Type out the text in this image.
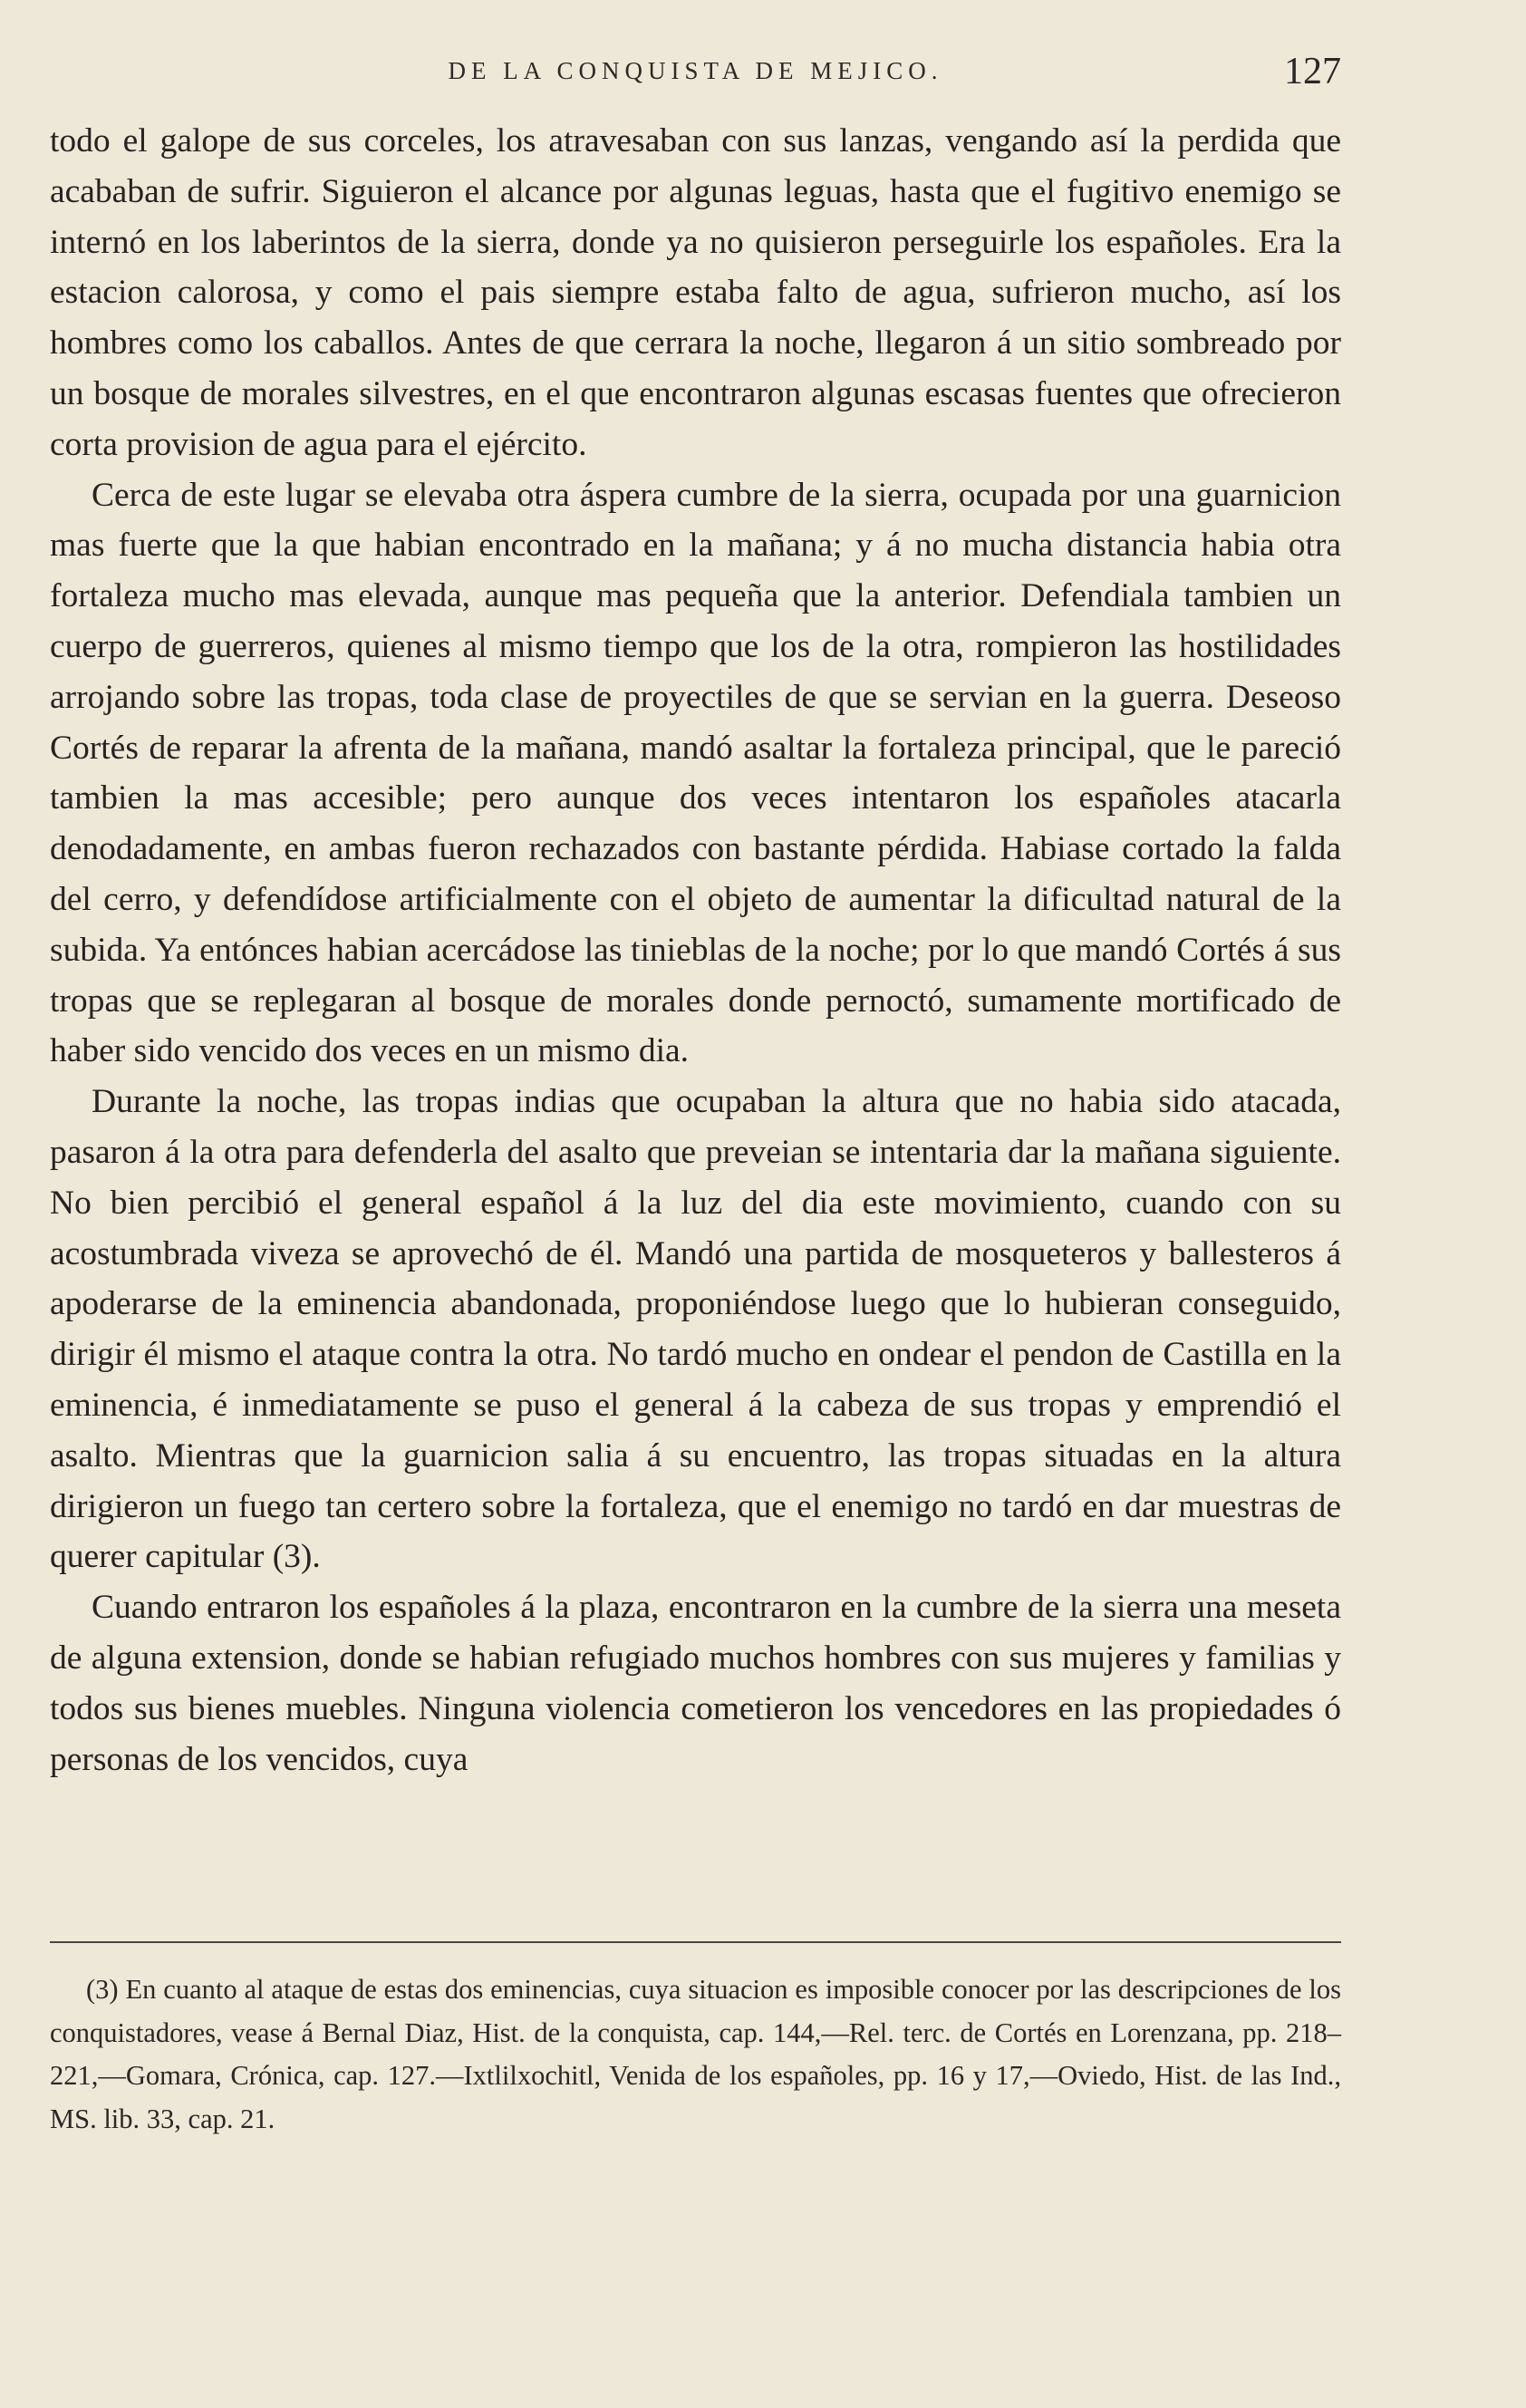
DE LA CONQUISTA DE MEJICO.	127

todo el galope de sus corceles, los atravesaban con sus lanzas, vengando así la perdida que acababan de sufrir. Siguieron el alcance por algunas leguas, hasta que el fugitivo enemigo se internó en los laberintos de la sierra, donde ya no quisieron perseguirle los españoles. Era la estacion calorosa, y como el pais siempre estaba falto de agua, sufrieron mucho, así los hombres como los caballos. Antes de que cerrara la noche, llegaron á un sitio sombreado por un bosque de morales silvestres, en el que encontraron algunas escasas fuentes que ofrecieron corta provision de agua para el ejército.

Cerca de este lugar se elevaba otra áspera cumbre de la sierra, ocupada por una guarnicion mas fuerte que la que habian encontrado en la mañana; y á no mucha distancia habia otra fortaleza mucho mas elevada, aunque mas pequeña que la anterior. Defendiala tambien un cuerpo de guerreros, quienes al mismo tiempo que los de la otra, rompieron las hostilidades arrojando sobre las tropas, toda clase de proyectiles de que se servian en la guerra. Deseoso Cortés de reparar la afrenta de la mañana, mandó asaltar la fortaleza principal, que le pareció tambien la mas accesible; pero aunque dos veces intentaron los españoles atacarla denodadamente, en ambas fueron rechazados con bastante pérdida. Habiase cortado la falda del cerro, y defendídose artificialmente con el objeto de aumentar la dificultad natural de la subida. Ya entónces habian acercádose las tinieblas de la noche; por lo que mandó Cortés á sus tropas que se replegaran al bosque de morales donde pernoctó, sumamente mortificado de haber sido vencido dos veces en un mismo dia.

Durante la noche, las tropas indias que ocupaban la altura que no habia sido atacada, pasaron á la otra para defenderla del asalto que preveian se intentaria dar la mañana siguiente. No bien percibió el general español á la luz del dia este movimiento, cuando con su acostumbrada viveza se aprovechó de él. Mandó una partida de mosqueteros y ballesteros á apoderarse de la eminencia abandonada, proponiéndose luego que lo hubieran conseguido, dirigir él mismo el ataque contra la otra. No tardó mucho en ondear el pendon de Castilla en la eminencia, é inmediatamente se puso el general á la cabeza de sus tropas y emprendió el asalto. Mientras que la guarnicion salia á su encuentro, las tropas situadas en la altura dirigieron un fuego tan certero sobre la fortaleza, que el enemigo no tardó en dar muestras de querer capitular (3).

Cuando entraron los españoles á la plaza, encontraron en la cumbre de la sierra una meseta de alguna extension, donde se habian refugiado muchos hombres con sus mujeres y familias y todos sus bienes muebles. Ninguna violencia cometieron los vencedores en las propiedades ó personas de los vencidos, cuya

(3) En cuanto al ataque de estas dos eminencias, cuya situacion es imposible conocer por las descripciones de los conquistadores, vease á Bernal Diaz, Hist. de la conquista, cap. 144,—Rel. terc. de Cortés en Lorenzana, pp. 218–221,—Gomara, Crónica, cap. 127.—Ixtlilxochitl, Venida de los españoles, pp. 16 y 17,—Oviedo, Hist. de las Ind., MS. lib. 33, cap. 21.
